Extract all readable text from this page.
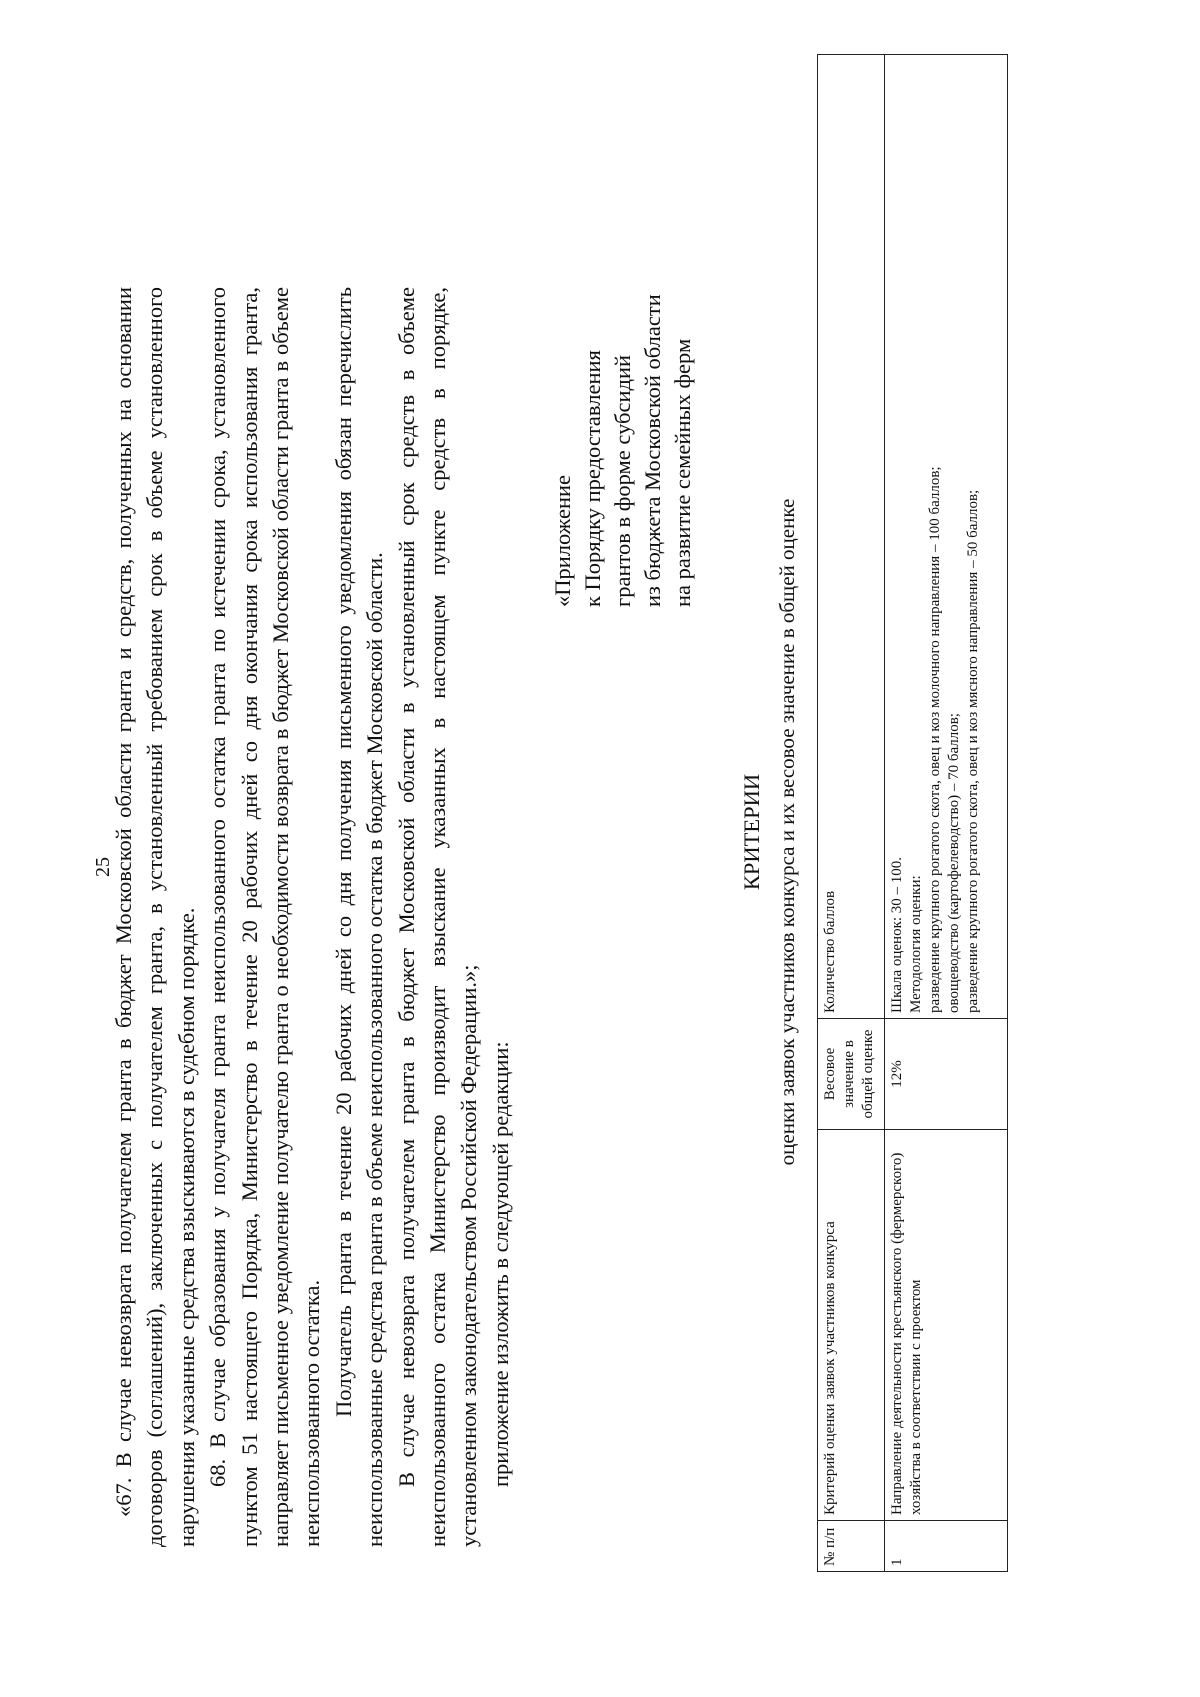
25

«67. В случае невозврата получателем гранта в бюджет Московской области гранта и средств, полученных на основании договоров (соглашений), заключенных с получателем гранта, в установленный требованием срок в объеме установленного нарушения указанные средства взыскиваются в судебном порядке. 68. В случае образования у получателя гранта неиспользованного остатка гранта по истечении срока, установленного пунктом 51 настоящего Порядка, Министерство в течение 20 рабочих дней со дня окончания срока использования гранта, направляет письменное уведомление получателю гранта о необходимости возврата в бюджет Московской области гранта в объеме неиспользованного остатка. Получатель гранта в течение 20 рабочих дней со дня получения письменного уведомления обязан перечислить неиспользованные средства гранта в объеме неиспользованного остатка в бюджет Московской области. В случае невозврата получателем гранта в бюджет Московской области в установленный срок средств в объеме неиспользованного остатка Министерство производит взыскание указанных в настоящем пункте средств в порядке, установленном законодательством Российской Федерации.»; приложение изложить в следующей редакции:

«Приложение к Порядку предоставления грантов в форме субсидий из бюджета Московской области на развитие семейных ферм
КРИТЕРИИ оценки заявок участников конкурса и их весовое значение в общей оценке
№ п/п	Критерий оценки заявок участников конкурса	Весовое значение в общей оценке	Количество баллов
1	Направление деятельности крестьянского (фермерского) хозяйства в соответствии с проектом	12%	Шкала оценок: 30 – 100. Методология оценки: разведение крупного рогатого скота, овец и коз молочного направления – 100 баллов; овощеводство (картофелеводство) – 70 баллов; разведение крупного рогатого скота, овец и коз мясного направления – 50 баллов;
